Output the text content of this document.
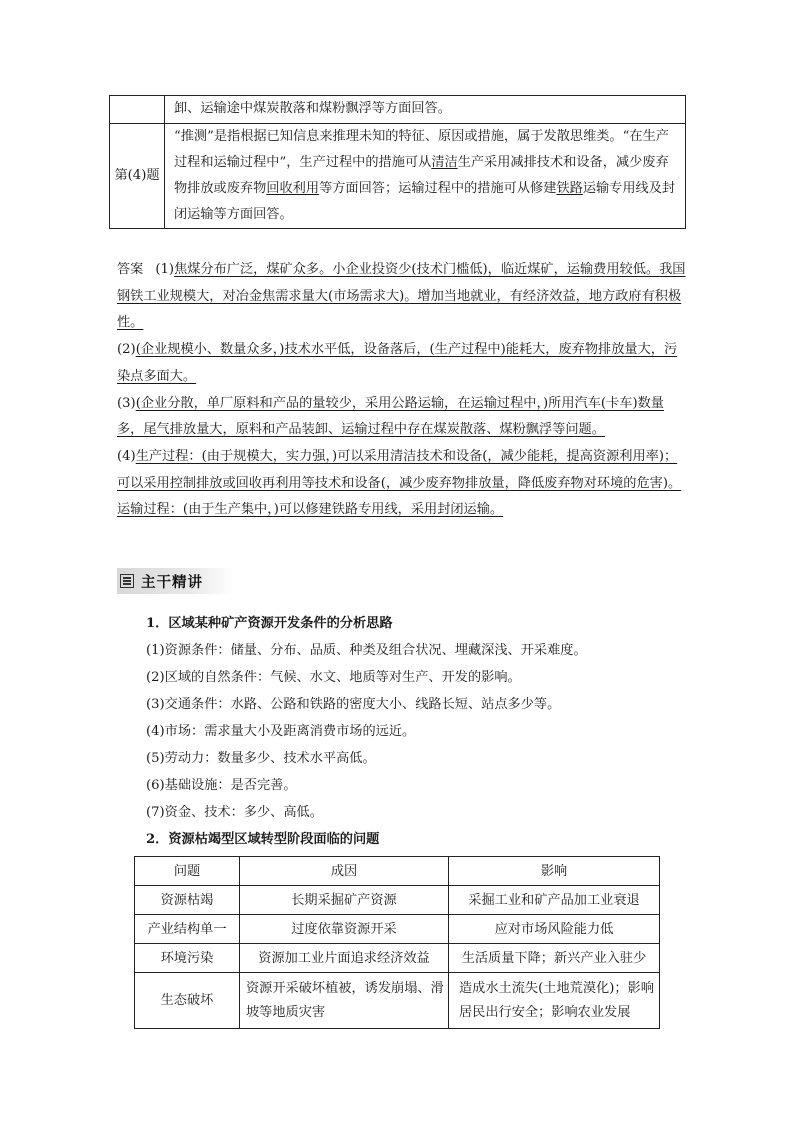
	卸、运输途中煤炭散落和煤粉飘浮等方面回答。
第(4)题	“推测”是指根据已知信息来推理未知的特征、原因或措施，属于发散思维类。“在生产过程和运输过程中”，生产过程中的措施可从清洁生产采用减排技术和设备，减少废弃物排放或废弃物回收利用等方面回答；运输过程中的措施可从修建铁路运输专用线及封闭运输等方面回答。

答案 (1)焦煤分布广泛，煤矿众多。小企业投资少(技术门槛低)，临近煤矿，运输费用较低。我国钢铁工业规模大，对冶金焦需求量大(市场需求大)。增加当地就业，有经济效益，地方政府有积极性。

(2)(企业规模小、数量众多，)技术水平低，设备落后，(生产过程中)能耗大，废弃物排放量大，污染点多面大。

(3)(企业分散，单厂原料和产品的量较少，采用公路运输，在运输过程中，)所用汽车(卡车)数量多，尾气排放量大，原料和产品装卸、运输过程中存在煤炭散落、煤粉飘浮等问题。

(4)生产过程：(由于规模大，实力强，)可以采用清洁技术和设备(，减少能耗，提高资源利用率)；可以采用控制排放或回收再利用等技术和设备(，减少废弃物排放量，降低废弃物对环境的危害)。

运输过程：(由于生产集中，)可以修建铁路专用线，采用封闭运输。

主干精讲

1．区域某种矿产资源开发条件的分析思路

(1)资源条件：储量、分布、品质、种类及组合状况、埋藏深浅、开采难度。

(2)区域的自然条件：气候、水文、地质等对生产、开发的影响。

(3)交通条件：水路、公路和铁路的密度大小、线路长短、站点多少等。

(4)市场：需求量大小及距离消费市场的远近。

(5)劳动力：数量多少、技术水平高低。

(6)基础设施：是否完善。

(7)资金、技术：多少、高低。

2．资源枯竭型区域转型阶段面临的问题

问题	成因	影响
资源枯竭	长期采掘矿产资源	采掘工业和矿产品加工业衰退
产业结构单一	过度依靠资源开采	应对市场风险能力低
环境污染	资源加工业片面追求经济效益	生活质量下降；新兴产业入驻少
生态破坏	资源开采破坏植被，诱发崩塌、滑坡等地质灾害	造成水土流失(土地荒漠化)；影响居民出行安全；影响农业发展
